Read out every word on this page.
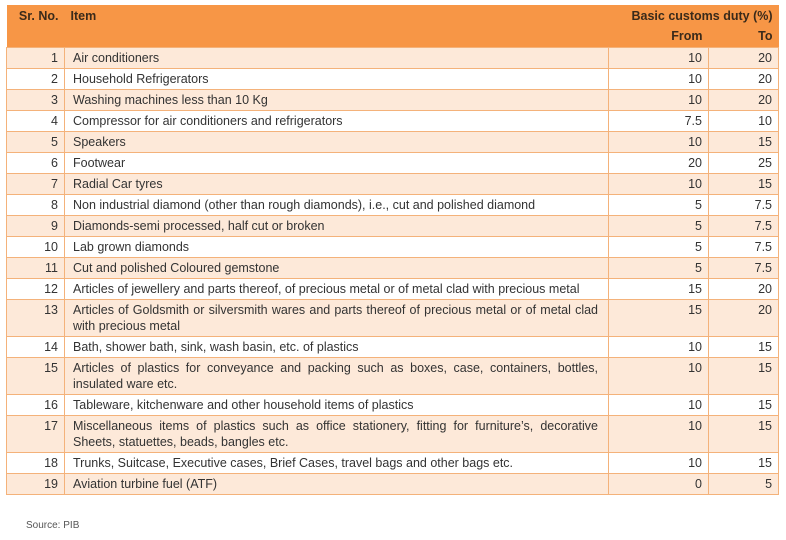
Sr. No.	Item	Basic customs duty (%)	
		From	To
1	Air conditioners	10	20
2	Household Refrigerators	10	20
3	Washing machines less than 10 Kg	10	20
4	Compressor for air conditioners and refrigerators	7.5	10
5	Speakers	10	15
6	Footwear	20	25
7	Radial Car tyres	10	15
8	Non industrial diamond (other than rough diamonds), i.e., cut and polished diamond	5	7.5
9	Diamonds-semi processed, half cut or broken	5	7.5
10	Lab grown diamonds	5	7.5
11	Cut and polished Coloured gemstone	5	7.5
12	Articles of jewellery and parts thereof, of precious metal or of metal clad with precious metal	15	20
13	Articles of Goldsmith or silversmith wares and parts thereof of precious metal or of metal clad with precious metal	15	20
14	Bath, shower bath, sink, wash basin, etc. of plastics	10	15
15	Articles of plastics for conveyance and packing such as boxes, case, containers, bottles, insulated ware etc.	10	15
16	Tableware, kitchenware and other household items of plastics	10	15
17	Miscellaneous items of plastics such as office stationery, fitting for furniture’s, decorative Sheets, statuettes, beads, bangles etc.	10	15
18	Trunks, Suitcase, Executive cases, Brief Cases, travel bags and other bags etc.	10	15
19	Aviation turbine fuel (ATF)	0	5
Source: PIB
